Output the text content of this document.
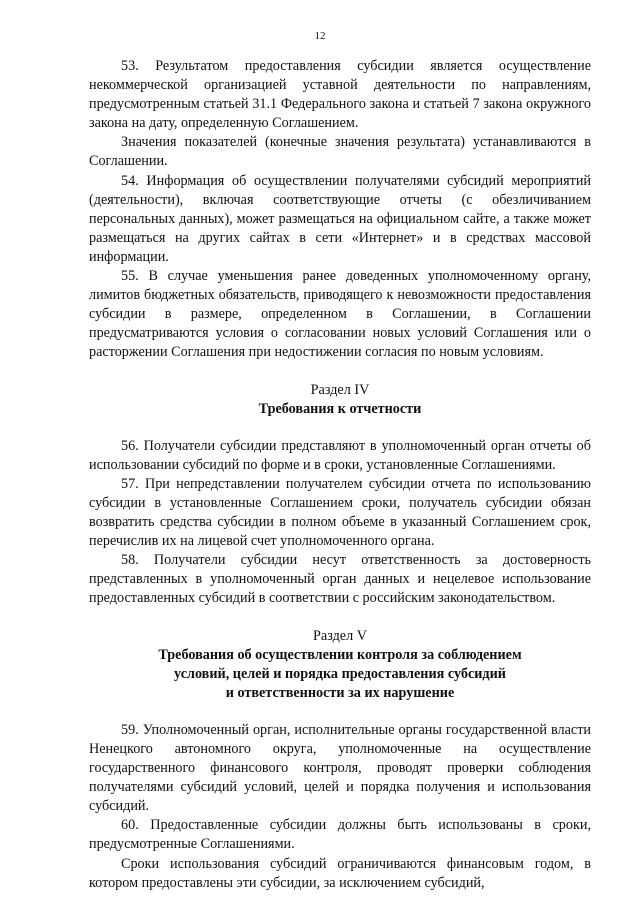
12

53. Результатом предоставления субсидии является осуществление некоммерческой организацией уставной деятельности по направлениям, предусмотренным статьей 31.1 Федерального закона и статьей 7 закона окружного закона на дату, определенную Соглашением.

Значения показателей (конечные значения результата) устанавливаются в Соглашении.

54. Информация об осуществлении получателями субсидий мероприятий (деятельности), включая соответствующие отчеты (с обезличиванием персональных данных), может размещаться на официальном сайте, а также может размещаться на других сайтах в сети «Интернет» и в средствах массовой информации.

55. В случае уменьшения ранее доведенных уполномоченному органу, лимитов бюджетных обязательств, приводящего к невозможности предоставления субсидии в размере, определенном в Соглашении, в Соглашении предусматриваются условия о согласовании новых условий Соглашения или о расторжении Соглашения при недостижении согласия по новым условиям.

Раздел IV

Требования к отчетности

56. Получатели субсидии представляют в уполномоченный орган отчеты об использовании субсидий по форме и в сроки, установленные Соглашениями.

57. При непредставлении получателем субсидии отчета по использованию субсидии в установленные Соглашением сроки, получатель субсидии обязан возвратить средства субсидии в полном объеме в указанный Соглашением срок, перечислив их на лицевой счет уполномоченного органа.

58. Получатели субсидии несут ответственность за достоверность представленных в уполномоченный орган данных и нецелевое использование предоставленных субсидий в соответствии с российским законодательством.

Раздел V

Требования об осуществлении контроля за соблюдением

условий, целей и порядка предоставления субсидий

и ответственности за их нарушение

59. Уполномоченный орган, исполнительные органы государственной власти Ненецкого автономного округа, уполномоченные на осуществление государственного финансового контроля, проводят проверки соблюдения получателями субсидий условий, целей и порядка получения и использования субсидий.

60. Предоставленные субсидии должны быть использованы в сроки, предусмотренные Соглашениями.

Сроки использования субсидий ограничиваются финансовым годом, в котором предоставлены эти субсидии, за исключением субсидий,
